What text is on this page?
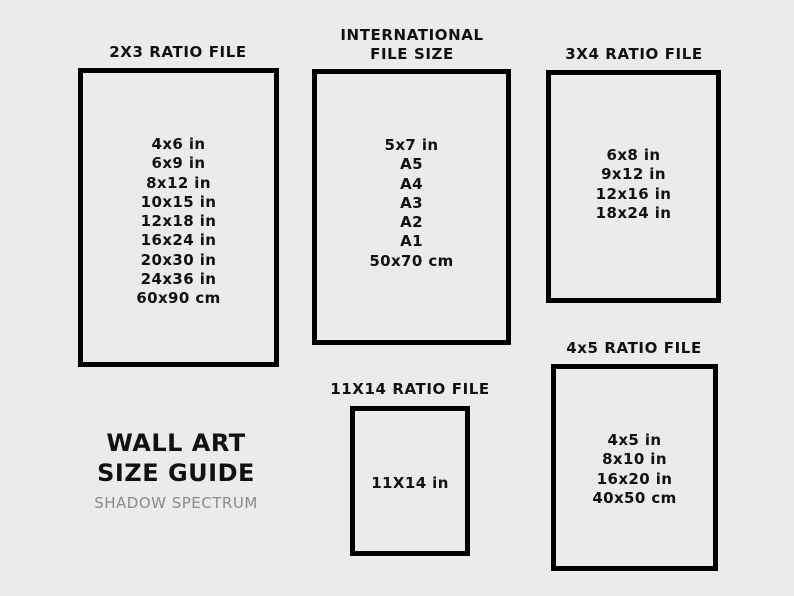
2X3 RATIO FILE
4x6 in
6x9 in
8x12 in
10x15 in
12x18 in
16x24 in
20x30 in
24x36 in
60x90 cm
INTERNATIONAL
FILE SIZE
5x7 in
A5
A4
A3
A2
A1
50x70 cm
3X4 RATIO FILE
6x8 in
9x12 in
12x16 in
18x24 in
11X14 RATIO FILE
11X14 in
4x5 RATIO FILE
4x5 in
8x10 in
16x20 in
40x50 cm
WALL ART
SIZE GUIDE
SHADOW SPECTRUM
